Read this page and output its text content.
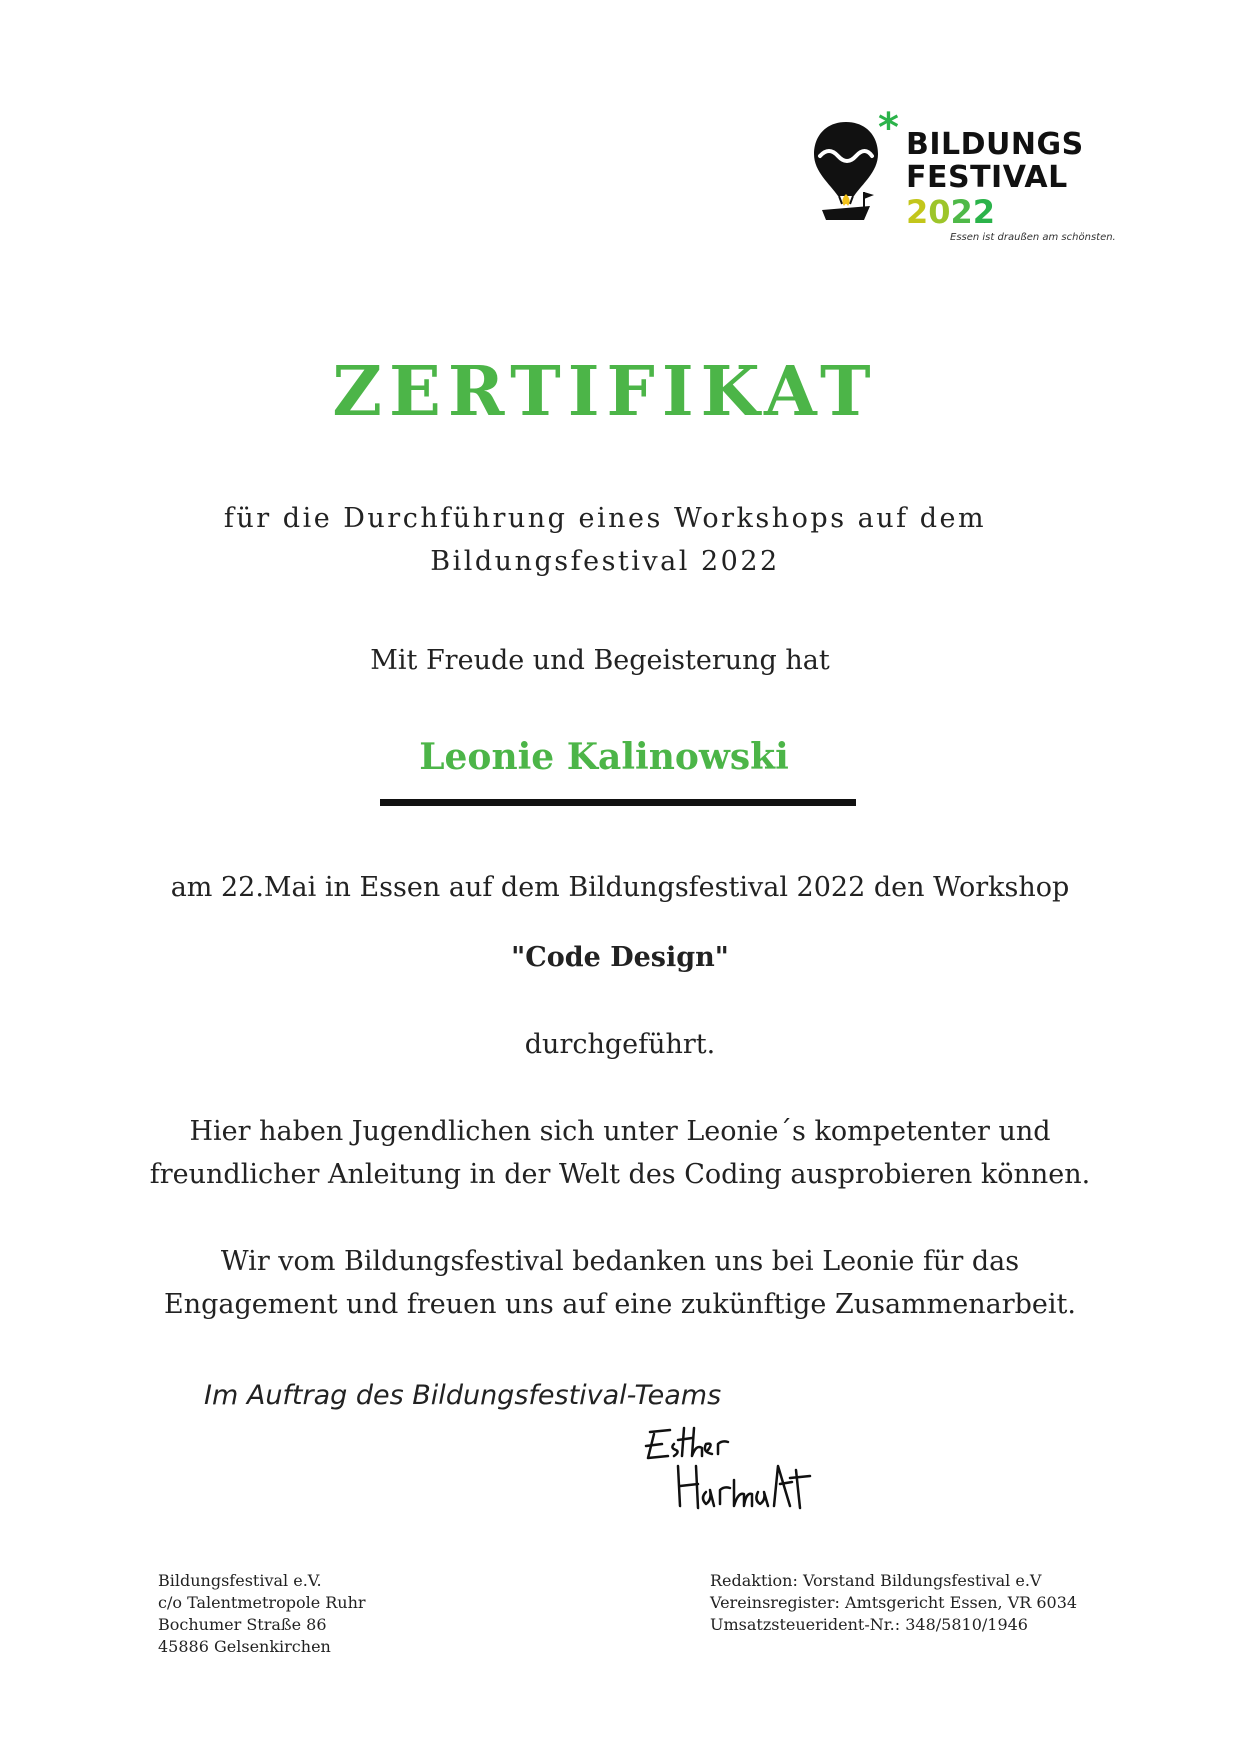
* BILDUNGS
FESTIVAL
2022
Essen ist draußen am schönsten.
ZERTIFIKAT
für die Durchführung eines Workshops auf dem
Bildungsfestival 2022
Mit Freude und Begeisterung hat
Leonie Kalinowski
am 22.Mai in Essen auf dem Bildungsfestival 2022 den Workshop
"Code Design"
durchgeführt.
Hier haben Jugendlichen sich unter Leonie´s kompetenter und
freundlicher Anleitung in der Welt des Coding ausprobieren können.
Wir vom Bildungsfestival bedanken uns bei Leonie für das
Engagement und freuen uns auf eine zukünftige Zusammenarbeit.
Im Auftrag des Bildungsfestival-Teams
Bildungsfestival e.V.
c/o Talentmetropole Ruhr
Bochumer Straße 86
45886 Gelsenkirchen
Redaktion: Vorstand Bildungsfestival e.V
Vereinsregister: Amtsgericht Essen, VR 6034
Umsatzsteuerident-Nr.: 348/5810/1946
